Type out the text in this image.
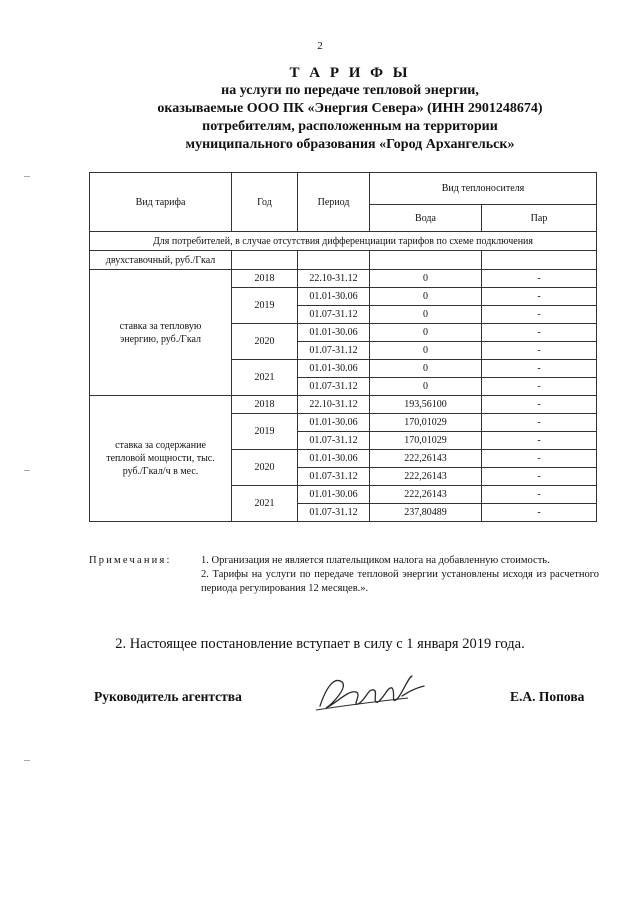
2
Т А Р И Ф Ы
на услуги по передаче тепловой энергии,
оказываемые ООО ПК «Энергия Севера» (ИНН 2901248674)
потребителям, расположенным на территории
муниципального образования «Город Архангельск»
Вид тарифа	Год	Период	Вид теплоносителя	
			Вода	Пар
Для потребителей, в случае отсутствия дифференциации тарифов по схеме подключения				
двухставочный, руб./Гкал				
ставка за тепловую энергию, руб./Гкал	2018	22.10-31.12	0	-
	2019	01.01-30.06	0	-
		01.07-31.12	0	-
	2020	01.01-30.06	0	-
		01.07-31.12	0	-
	2021	01.01-30.06	0	-
		01.07-31.12	0	-
ставка за содержание тепловой мощности, тыс. руб./Гкал/ч в мес.	2018	22.10-31.12	193,56100	-
	2019	01.01-30.06	170,01029	-
		01.07-31.12	170,01029	-
	2020	01.01-30.06	222,26143	-
		01.07-31.12	222,26143	-
	2021	01.01-30.06	222,26143	-
		01.07-31.12	237,80489	-
Примечания:	1. Организация не является плательщиком налога на добавленную стоимость.
2. Тарифы на услуги по передаче тепловой энергии установлены исходя из расчетного периода регулирования 12 месяцев.».
2. Настоящее постановление вступает в силу с 1 января 2019 года.
Руководитель агентства	Е.А. Попова
